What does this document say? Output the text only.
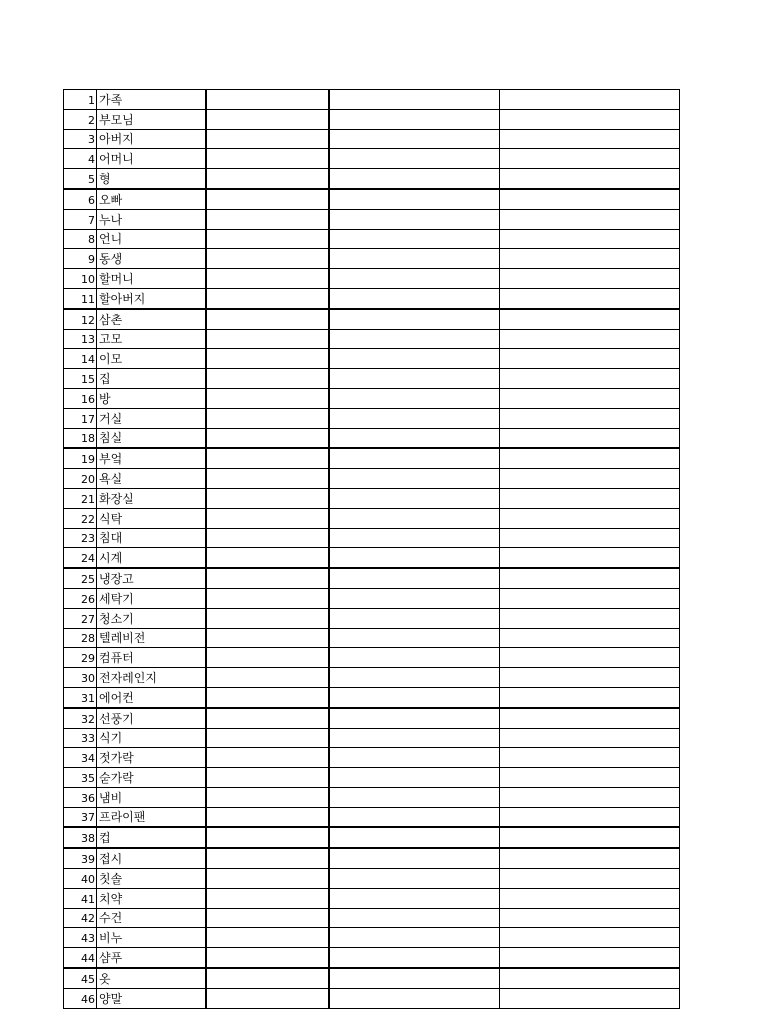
1	가족			
2	부모님			
3	아버지			
4	어머니			
5	형			
6	오빠			
7	누나			
8	언니			
9	동생			
10	할머니			
11	할아버지			
12	삼촌			
13	고모			
14	이모			
15	집			
16	방			
17	거실			
18	침실			
19	부엌			
20	욕실			
21	화장실			
22	식탁			
23	침대			
24	시계			
25	냉장고			
26	세탁기			
27	청소기			
28	텔레비전			
29	컴퓨터			
30	전자레인지			
31	에어컨			
32	선풍기			
33	식기			
34	젓가락			
35	숟가락			
36	냄비			
37	프라이팬			
38	컵			
39	접시			
40	칫솔			
41	치약			
42	수건			
43	비누			
44	샴푸			
45	옷			
46	양말			
